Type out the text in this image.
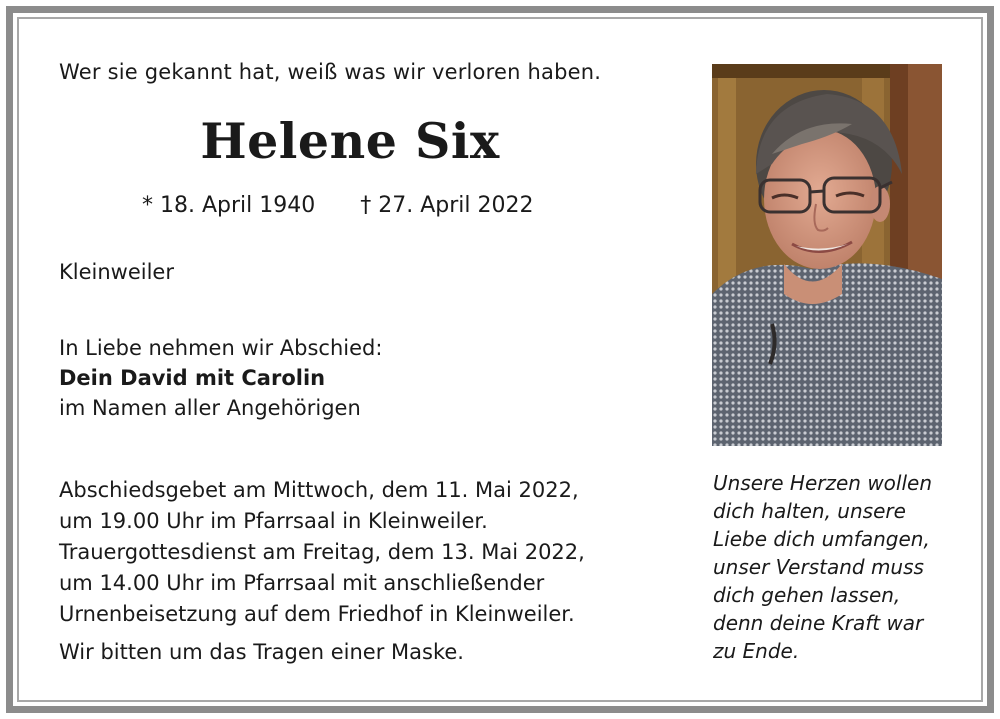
Wer sie gekannt hat, weiß was wir verloren haben.
Helene Six
* 18. April 1940 † 27. April 2022
Kleinweiler
In Liebe nehmen wir Abschied:
Dein David mit Carolin
im Namen aller Angehörigen
Abschiedsgebet am Mittwoch, dem 11. Mai 2022,
um 19.00 Uhr im Pfarrsaal in Kleinweiler.
Trauergottesdienst am Freitag, dem 13. Mai 2022,
um 14.00 Uhr im Pfarrsaal mit anschließender
Urnenbeisetzung auf dem Friedhof in Kleinweiler.
Wir bitten um das Tragen einer Maske.
Unsere Herzen wollen
dich halten, unsere
Liebe dich umfangen,
unser Verstand muss
dich gehen lassen,
denn deine Kraft war
zu Ende.
